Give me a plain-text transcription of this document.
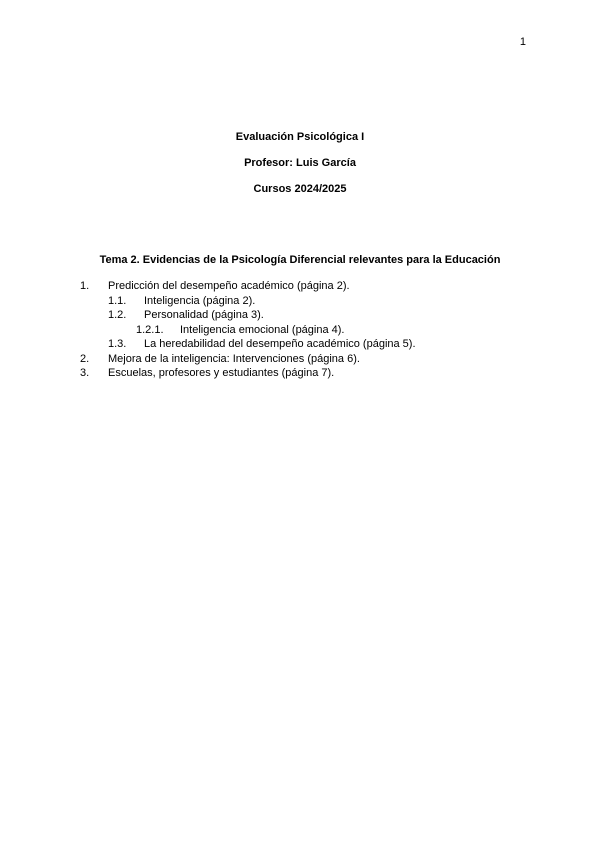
1

Evaluación Psicológica I

Profesor: Luis García

Cursos 2024/2025

Tema 2. Evidencias de la Psicología Diferencial relevantes para la Educación
1. Predicción del desempeño académico (página 2).
1.1. Inteligencia (página 2).
1.2. Personalidad (página 3).
1.2.1. Inteligencia emocional (página 4).
1.3. La heredabilidad del desempeño académico (página 5).
2. Mejora de la inteligencia: Intervenciones (página 6).
3. Escuelas, profesores y estudiantes (página 7).
